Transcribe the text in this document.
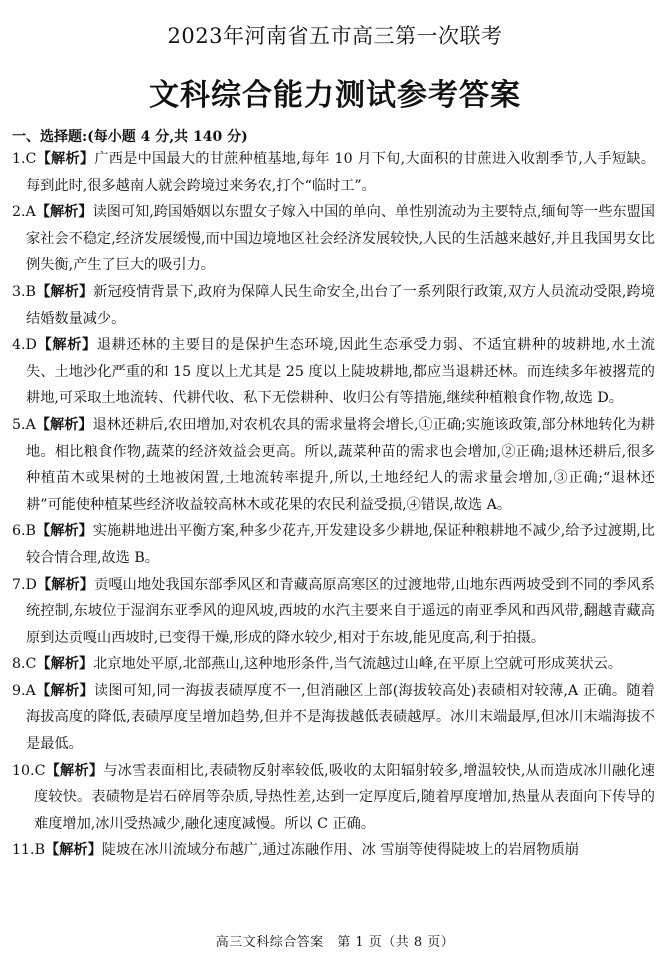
2023年河南省五市高三第一次联考
文科综合能力测试参考答案
一、选择题:(每小题 4 分,共 140 分)

1.C【解析】广西是中国最大的甘蔗种植基地,每年 10 月下旬,大面积的甘蔗进入收割季节,人手短缺。每到此时,很多越南人就会跨境过来务农,打个“临时工”。

2.A【解析】读图可知,跨国婚姻以东盟女子嫁入中国的单向、单性别流动为主要特点,缅甸等一些东盟国家社会不稳定,经济发展缓慢,而中国边境地区社会经济发展较快,人民的生活越来越好,并且我国男女比例失衡,产生了巨大的吸引力。

3.B【解析】新冠疫情背景下,政府为保障人民生命安全,出台了一系列限行政策,双方人员流动受限,跨境结婚数量减少。

4.D【解析】退耕还林的主要目的是保护生态环境,因此生态承受力弱、不适宜耕种的坡耕地,水土流失、土地沙化严重的和 15 度以上尤其是 25 度以上陡坡耕地,都应当退耕还林。而连续多年被撂荒的耕地,可采取土地流转、代耕代收、私下无偿耕种、收归公有等措施,继续种植粮食作物,故选 D。

5.A【解析】退林还耕后,农田增加,对农机农具的需求量将会增长,①正确;实施该政策,部分林地转化为耕地。相比粮食作物,蔬菜的经济效益会更高。所以,蔬菜种苗的需求也会增加,②正确;退林还耕后,很多种植苗木或果树的土地被闲置,土地流转率提升,所以,土地经纪人的需求量会增加,③正确;“退林还耕”可能使种植某些经济收益较高林木或花果的农民利益受损,④错误,故选 A。

6.B【解析】实施耕地进出平衡方案,种多少花卉,开发建设多少耕地,保证种粮耕地不减少,给予过渡期,比较合情合理,故选 B。

7.D【解析】贡嘎山地处我国东部季风区和青藏高原高寒区的过渡地带,山地东西两坡受到不同的季风系统控制,东坡位于湿润东亚季风的迎风坡,西坡的水汽主要来自于遥远的南亚季风和西风带,翻越青藏高原到达贡嘎山西坡时,已变得干燥,形成的降水较少,相对于东坡,能见度高,利于拍摄。

8.C【解析】北京地处平原,北部燕山,这种地形条件,当气流越过山峰,在平原上空就可形成荚状云。

9.A【解析】读图可知,同一海拔表碛厚度不一,但消融区上部(海拔较高处)表碛相对较薄,A 正确。随着海拔高度的降低,表碛厚度呈增加趋势,但并不是海拔越低表碛越厚。冰川末端最厚,但冰川末端海拔不是最低。

10.C【解析】与冰雪表面相比,表碛物反射率较低,吸收的太阳辐射较多,增温较快,从而造成冰川融化速度较快。表碛物是岩石碎屑等杂质,导热性差,达到一定厚度后,随着厚度增加,热量从表面向下传导的难度增加,冰川受热减少,融化速度减慢。所以 C 正确。

11.B【解析】陡坡在冰川流域分布越广,通过冻融作用、冰 雪崩等使得陡坡上的岩屑物质崩

高三文科综合答案　第 1 页（共 8 页）
